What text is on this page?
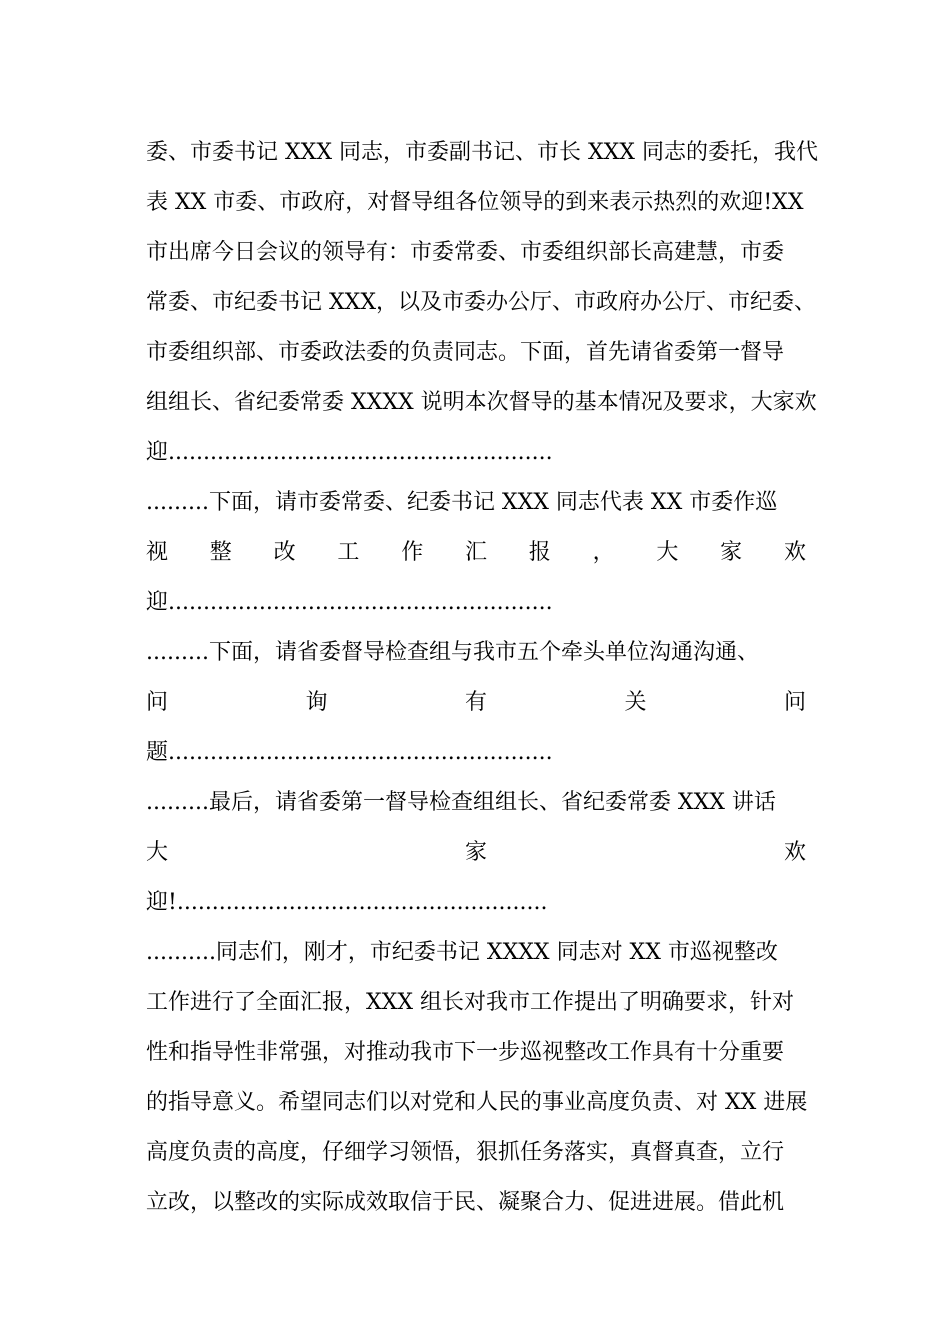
委、市委书记 XXX 同志，市委副书记、市长 XXX 同志的委托，我代
表 XX 市委、市政府，对督导组各位领导的到来表示热烈的欢迎!XX
市出席今日会议的领导有：市委常委、市委组织部长高建慧，市委
常委、市纪委书记 XXX，以及市委办公厅、市政府办公厅、市纪委、
市委组织部、市委政法委的负责同志。下面，首先请省委第一督导
组组长、省纪委常委 XXXX 说明本次督导的基本情况及要求，大家欢
迎.......................................................
.........下面，请市委常委、纪委书记 XXX 同志代表 XX 市委作巡
视 整 改 工 作 汇 报 ， 大 家 欢
迎.......................................................
.........下面，请省委督导检查组与我市五个牵头单位沟通沟通、
问	询	有	关	问
题.......................................................
.........最后，请省委第一督导检查组组长、省纪委常委 XXX 讲话
大	家	欢
迎!.....................................................
..........同志们，刚才，市纪委书记 XXXX 同志对 XX 市巡视整改
工作进行了全面汇报，XXX 组长对我市工作提出了明确要求，针对
性和指导性非常强，对推动我市下一步巡视整改工作具有十分重要
的指导意义。希望同志们以对党和人民的事业高度负责、对 XX 进展
高度负责的高度，仔细学习领悟，狠抓任务落实，真督真查，立行
立改，以整改的实际成效取信于民、凝聚合力、促进进展。借此机
